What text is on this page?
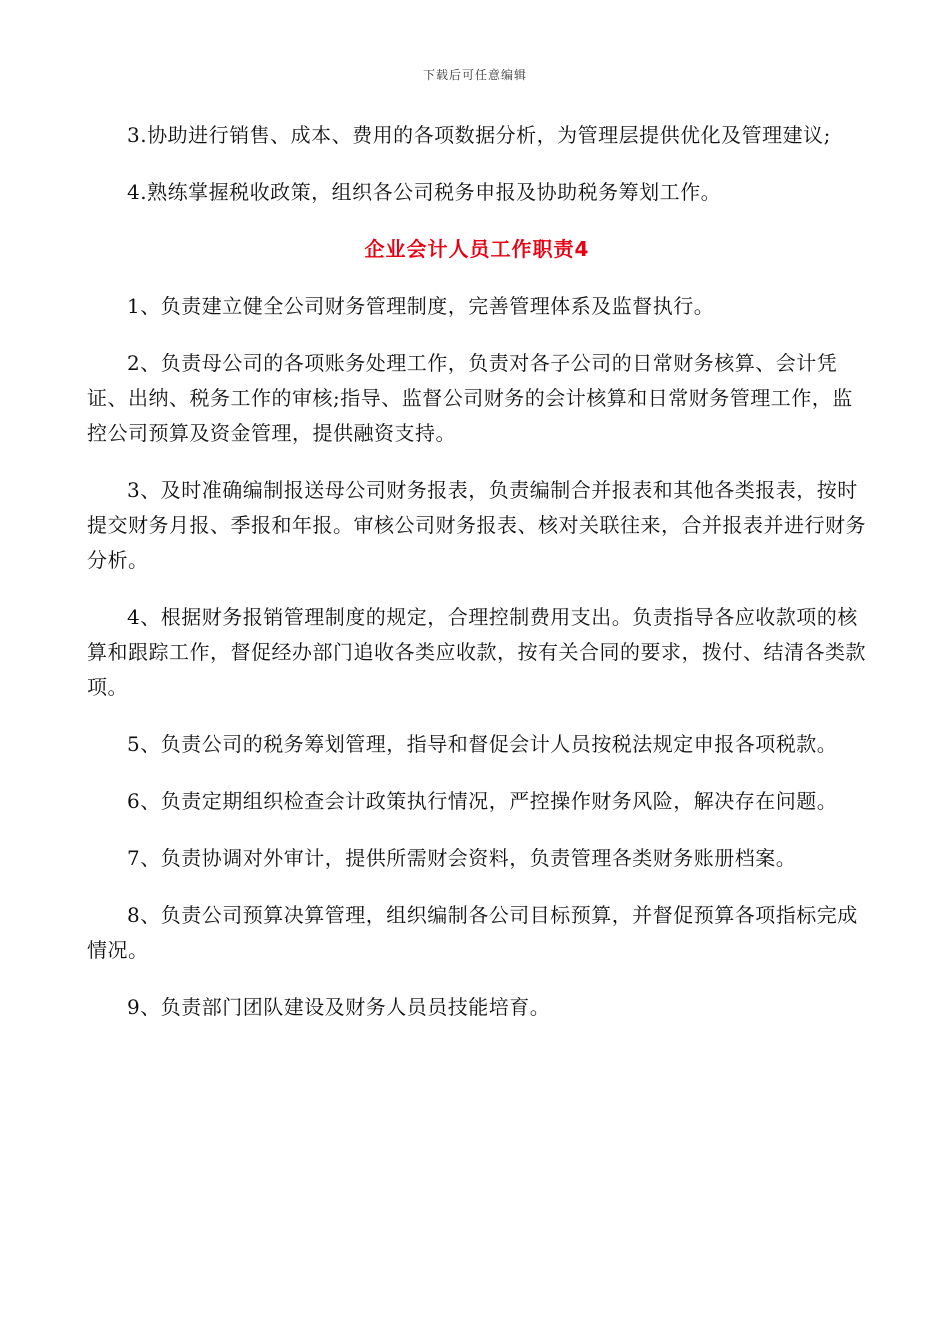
下载后可任意编辑

3.协助进行销售、成本、费用的各项数据分析，为管理层提供优化及管理建议;

4.熟练掌握税收政策，组织各公司税务申报及协助税务筹划工作。

企业会计人员工作职责4

1、负责建立健全公司财务管理制度，完善管理体系及监督执行。

2、负责母公司的各项账务处理工作，负责对各子公司的日常财务核算、会计凭证、出纳、税务工作的审核;指导、监督公司财务的会计核算和日常财务管理工作，监控公司预算及资金管理，提供融资支持。

3、及时准确编制报送母公司财务报表，负责编制合并报表和其他各类报表，按时提交财务月报、季报和年报。审核公司财务报表、核对关联往来，合并报表并进行财务分析。

4、根据财务报销管理制度的规定，合理控制费用支出。负责指导各应收款项的核算和跟踪工作，督促经办部门追收各类应收款，按有关合同的要求，拨付、结清各类款项。

5、负责公司的税务筹划管理，指导和督促会计人员按税法规定申报各项税款。

6、负责定期组织检查会计政策执行情况，严控操作财务风险，解决存在问题。

7、负责协调对外审计，提供所需财会资料，负责管理各类财务账册档案。

8、负责公司预算决算管理，组织编制各公司目标预算，并督促预算各项指标完成情况。

9、负责部门团队建设及财务人员员技能培育。
